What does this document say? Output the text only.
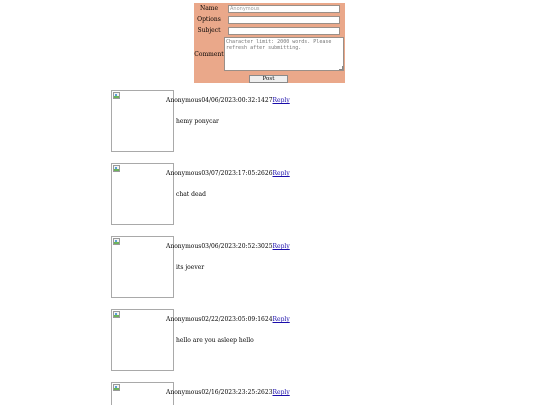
Name
Anonymous
Options
Subject
Comment
Character limit: 2000 words. Please refresh after submitting.
Post
Anonymous04/06/2023:00:32:1427Reply
hemy ponycar
Anonymous03/07/2023:17:05:2626Reply
chat dead
Anonymous03/06/2023:20:52:3025Reply
its joever
Anonymous02/22/2023:05:09:1624Reply
hello are you asleep hello
Anonymous02/16/2023:23:25:2623Reply
